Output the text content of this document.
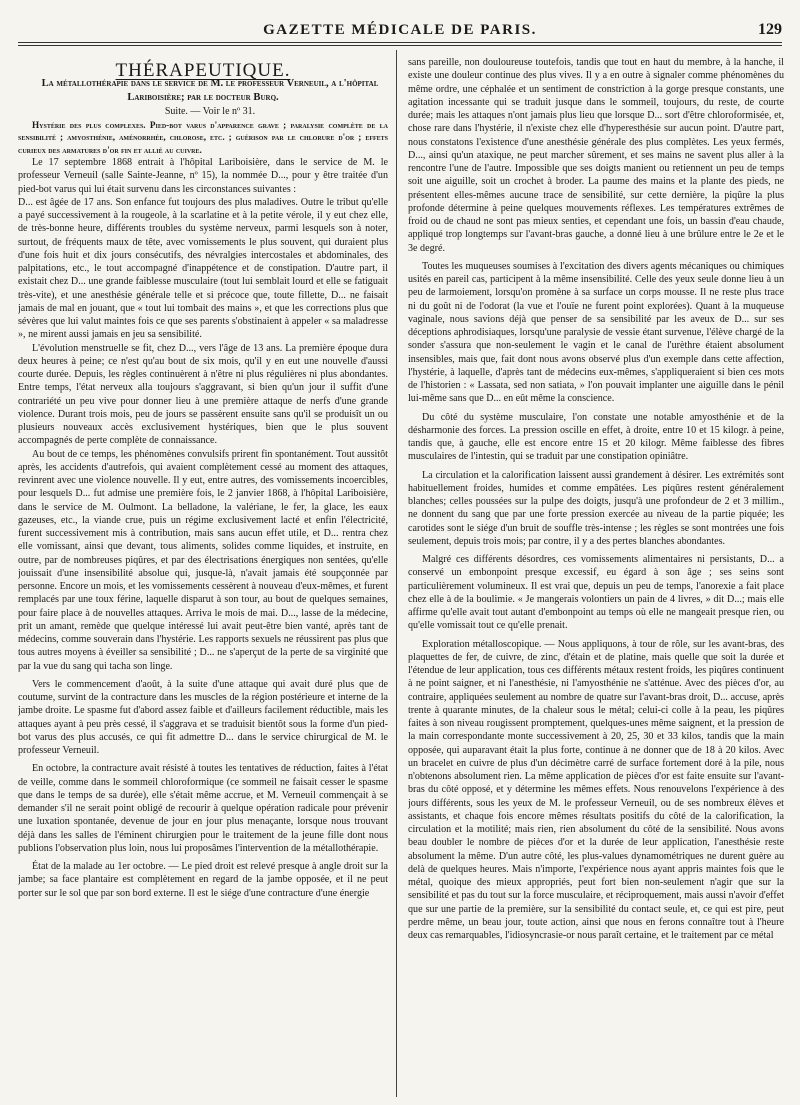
GAZETTE MÉDICALE DE PARIS.	129
THÉRAPEUTIQUE.

La métallothérapie dans le service de M. le professeur Verneuil, a l'hôpital Lariboisière; par le docteur Burq.

Suite. — Voir le nº 31.

Hystérie des plus complexes. Pied-bot varus d'apparence grave ; paralysie complète de la sensibilité ; amyosthénie, aménorrhée, chlorose, etc. ; guérison par le chlorure d'or ; effets curieux des armatures d'or fin et allié au cuivre.

Le 17 septembre 1868 entrait à l'hôpital Lariboisière, dans le service de M. le professeur Verneuil (salle Sainte-Jeanne, nº 15), la nommée D..., pour y être traitée d'un pied-bot varus qui lui était survenu dans les circonstances suivantes :

D... est âgée de 17 ans. Son enfance fut toujours des plus maladives. Outre le tribut qu'elle a payé successivement à la rougeole, à la scarlatine et à la petite vérole, il y eut chez elle, de très-bonne heure, différents troubles du système nerveux, parmi lesquels son à noter, surtout, de fréquents maux de tête, avec vomissements le plus souvent, qui duraient plus d'une fois huit et dix jours consécutifs, des névralgies intercostales et abdominales, des palpitations, etc., le tout accompagné d'inappétence et de constipation. D'autre part, il existait chez D... une grande faiblesse musculaire (tout lui semblait lourd et elle se fatiguait très-vite), et une anesthésie générale telle et si précoce que, toute fillette, D... ne faisait jamais de mal en jouant, que « tout lui tombait des mains », et que les corrections plus que sévères que lui valut maintes fois ce que ses parents s'obstinaient à appeler « sa maladresse », ne mirent aussi jamais en jeu sa sensibilité.

L'évolution menstruelle se fit, chez D..., vers l'âge de 13 ans. La première époque dura deux heures à peine; ce n'est qu'au bout de six mois, qu'il y en eut une nouvelle d'aussi courte durée. Depuis, les règles continuèrent à n'être ni plus régulières ni plus abondantes. Entre temps, l'état nerveux alla toujours s'aggravant, si bien qu'un jour il suffit d'une contrariété un peu vive pour donner lieu à une première attaque de nerfs d'une grande violence. Durant trois mois, peu de jours se passèrent ensuite sans qu'il se produisît un ou plusieurs nouveaux accès exclusivement hystériques, bien que le plus souvent accompagnés de perte complète de connaissance.

Au bout de ce temps, les phénomènes convulsifs prirent fin spontanément. Tout aussitôt après, les accidents d'autrefois, qui avaient complètement cessé au moment des attaques, revinrent avec une violence nouvelle. Il y eut, entre autres, des vomissements incoercibles, pour lesquels D... fut admise une première fois, le 2 janvier 1868, à l'hôpital Lariboisière, dans le service de M. Oulmont. La belladone, la valériane, le fer, la glace, les eaux gazeuses, etc., la viande crue, puis un régime exclusivement lacté et enfin l'électricité, furent successivement mis à contribution, mais sans aucun effet utile, et D... rentra chez elle vomissant, ainsi que devant, tous aliments, solides comme liquides, et instruite, en outre, par de nombreuses piqûres, et par des électrisations énergiques non sentées, qu'elle jouissait d'une insensibilité absolue qui, jusque-là, n'avait jamais été soupçonnée par personne. Encore un mois, et les vomissements cessèrent à nouveau d'eux-mêmes, et furent remplacés par une toux férine, laquelle disparut à son tour, au bout de quelques semaines, pour faire place à de nouvelles attaques. Arriva le mois de mai. D..., lasse de la médecine, prit un amant, remède que quelque intéressé lui avait peut-être bien vanté, après tant de médecins, comme souverain dans l'hystérie. Les rapports sexuels ne réussirent pas plus que tous autres moyens à éveiller sa sensibilité ; D... ne s'aperçut de la perte de sa virginité que par la vue du sang qui tacha son linge.

Vers le commencement d'août, à la suite d'une attaque qui avait duré plus que de coutume, survint de la contracture dans les muscles de la région postérieure et interne de la jambe droite. Le spasme fut d'abord assez faible et d'ailleurs facilement réductible, mais les attaques ayant à peu près cessé, il s'aggrava et se traduisit bientôt sous la forme d'un pied-bot varus des plus accusés, ce qui fit admettre D... dans le service chirurgical de M. le professeur Verneuil.

En octobre, la contracture avait résisté à toutes les tentatives de réduction, faites à l'état de veille, comme dans le sommeil chloroformique (ce sommeil ne faisait cesser le spasme que dans le temps de sa durée), elle s'était même accrue, et M. Verneuil commençait à se demander s'il ne serait point obligé de recourir à quelque opération radicale pour prévenir une luxation spontanée, devenue de jour en jour plus menaçante, lorsque nous trouvant déjà dans les salles de l'éminent chirurgien pour le traitement de la jeune fille dont nous publions l'observation plus loin, nous lui proposâmes l'intervention de la métallothérapie.

État de la malade au 1er octobre. — Le pied droit est relevé presque à angle droit sur la jambe; sa face plantaire est complètement en regard de la jambe opposée, et il ne peut porter sur le sol que par son bord externe. Il est le siége d'une contracture d'une énergie

sans pareille, non douloureuse toutefois, tandis que tout en haut du membre, à la hanche, il existe une douleur continue des plus vives. Il y a en outre à signaler comme phénomènes du même ordre, une céphalée et un sentiment de constriction à la gorge presque constants, une agitation incessante qui se traduit jusque dans le sommeil, toujours, du reste, de courte durée; mais les attaques n'ont jamais plus lieu que lorsque D... sort d'être chloroformisée, et, chose rare dans l'hystérie, il n'existe chez elle d'hyperesthésie sur aucun point. D'autre part, nous constatons l'existence d'une anesthésie générale des plus complètes. Les yeux fermés, D..., ainsi qu'un ataxique, ne peut marcher sûrement, et ses mains ne savent plus aller à la rencontre l'une de l'autre. Impossible que ses doigts manient ou retiennent un peu de temps soit une aiguille, soit un crochet à broder. La paume des mains et la plante des pieds, ne présentent elles-mêmes aucune trace de sensibilité, sur cette dernière, la piqûre la plus profonde détermine à peine quelques mouvements réflexes. Les températures extrêmes de froid ou de chaud ne sont pas mieux senties, et cependant une fois, un bassin d'eau chaude, appliqué trop longtemps sur l'avant-bras gauche, a donné lieu à une brûlure entre le 2e et le 3e degré.

Toutes les muqueuses soumises à l'excitation des divers agents mécaniques ou chimiques usités en pareil cas, participent à la même insensibilité. Celle des yeux seule donne lieu à un peu de larmoiement, lorsqu'on promène à sa surface un corps mousse. Il ne reste plus trace ni du goût ni de l'odorat (la vue et l'ouïe ne furent point explorées). Quant à la muqueuse vaginale, nous savions déjà que penser de sa sensibilité par les aveux de D... sur ses déceptions aphrodisiaques, lorsqu'une paralysie de vessie étant survenue, l'élève chargé de la sonder s'assura que non-seulement le vagin et le canal de l'urèthre étaient absolument insensibles, mais que, fait dont nous avons observé plus d'un exemple dans cette affection, l'hystérie, à laquelle, d'après tant de médecins eux-mêmes, s'appliqueraient si bien ces mots de l'historien : « Lassata, sed non satiata, » l'on pouvait implanter une aiguille dans le pénil lui-même sans que D... en eût même la conscience.

Du côté du système musculaire, l'on constate une notable amyosthénie et de la désharmonie des forces. La pression oscille en effet, à droite, entre 10 et 15 kilogr. à peine, tandis que, à gauche, elle est encore entre 15 et 20 kilogr. Même faiblesse des fibres musculaires de l'intestin, qui se traduit par une constipation opiniâtre.

La circulation et la calorification laissent aussi grandement à désirer. Les extrémités sont habituellement froides, humides et comme empâtées. Les piqûres restent généralement blanches; celles poussées sur la pulpe des doigts, jusqu'à une profondeur de 2 et 3 millim., ne donnent du sang que par une forte pression exercée au niveau de la partie piquée; les carotides sont le siége d'un bruit de souffle très-intense ; les règles se sont montrées une fois seulement, depuis trois mois; par contre, il y a des pertes blanches abondantes.

Malgré ces différents désordres, ces vomissements alimentaires ni persistants, D... a conservé un embonpoint presque excessif, eu égard à son âge ; ses seins sont particulièrement volumineux. Il est vrai que, depuis un peu de temps, l'anorexie a fait place chez elle à de la boulimie. « Je mangerais volontiers un pain de 4 livres, » dit D...; mais elle affirme qu'elle avait tout autant d'embonpoint au temps où elle ne mangeait presque rien, ou qu'elle vomissait tout ce qu'elle prenait.

Exploration métalloscopique. — Nous appliquons, à tour de rôle, sur les avant-bras, des plaquettes de fer, de cuivre, de zinc, d'étain et de platine, mais quelle que soit la durée et l'étendue de leur application, tous ces différents métaux restent froids, les piqûres continuent à ne point saigner, et ni l'anesthésie, ni l'amyosthénie ne s'atténue. Avec des pièces d'or, au contraire, appliquées seulement au nombre de quatre sur l'avant-bras droit, D... accuse, après trente à quarante minutes, de la chaleur sous le métal; celui-ci colle à la peau, les piqûres faites à son niveau rougissent promptement, quelques-unes même saignent, et la pression de la main correspondante monte successivement à 20, 25, 30 et 33 kilos, tandis que la main opposée, qui auparavant était la plus forte, continue à ne donner que de 18 à 20 kilos. Avec un bracelet en cuivre de plus d'un décimètre carré de surface fortement doré à la pile, nous n'obtenons absolument rien. La même application de pièces d'or est faite ensuite sur l'avant-bras du côté opposé, et y détermine les mêmes effets. Nous renouvelons l'expérience à des jours différents, sous les yeux de M. le professeur Verneuil, ou de ses nombreux élèves et assistants, et chaque fois encore mêmes résultats positifs du côté de la calorification, la circulation et la motilité; mais rien, rien absolument du côté de la sensibilité. Nous avons beau doubler le nombre de pièces d'or et la durée de leur application, l'anesthésie reste absolument la même. D'un autre côté, les plus-values dynamométriques ne durent guère au delà de quelques heures. Mais n'importe, l'expérience nous ayant appris maintes fois que le métal, quoique des mieux appropriés, peut fort bien non-seulement n'agir que sur la sensibilité et pas du tout sur la force musculaire, et réciproquement, mais aussi n'avoir d'effet que sur une partie de la première, sur la sensibilité du contact seule, et, ce qui est pire, peut perdre même, un beau jour, toute action, ainsi que nous en ferons connaître tout à l'heure deux cas remarquables, l'idiosyncrasie-or nous paraît certaine, et le traitement par ce métal
